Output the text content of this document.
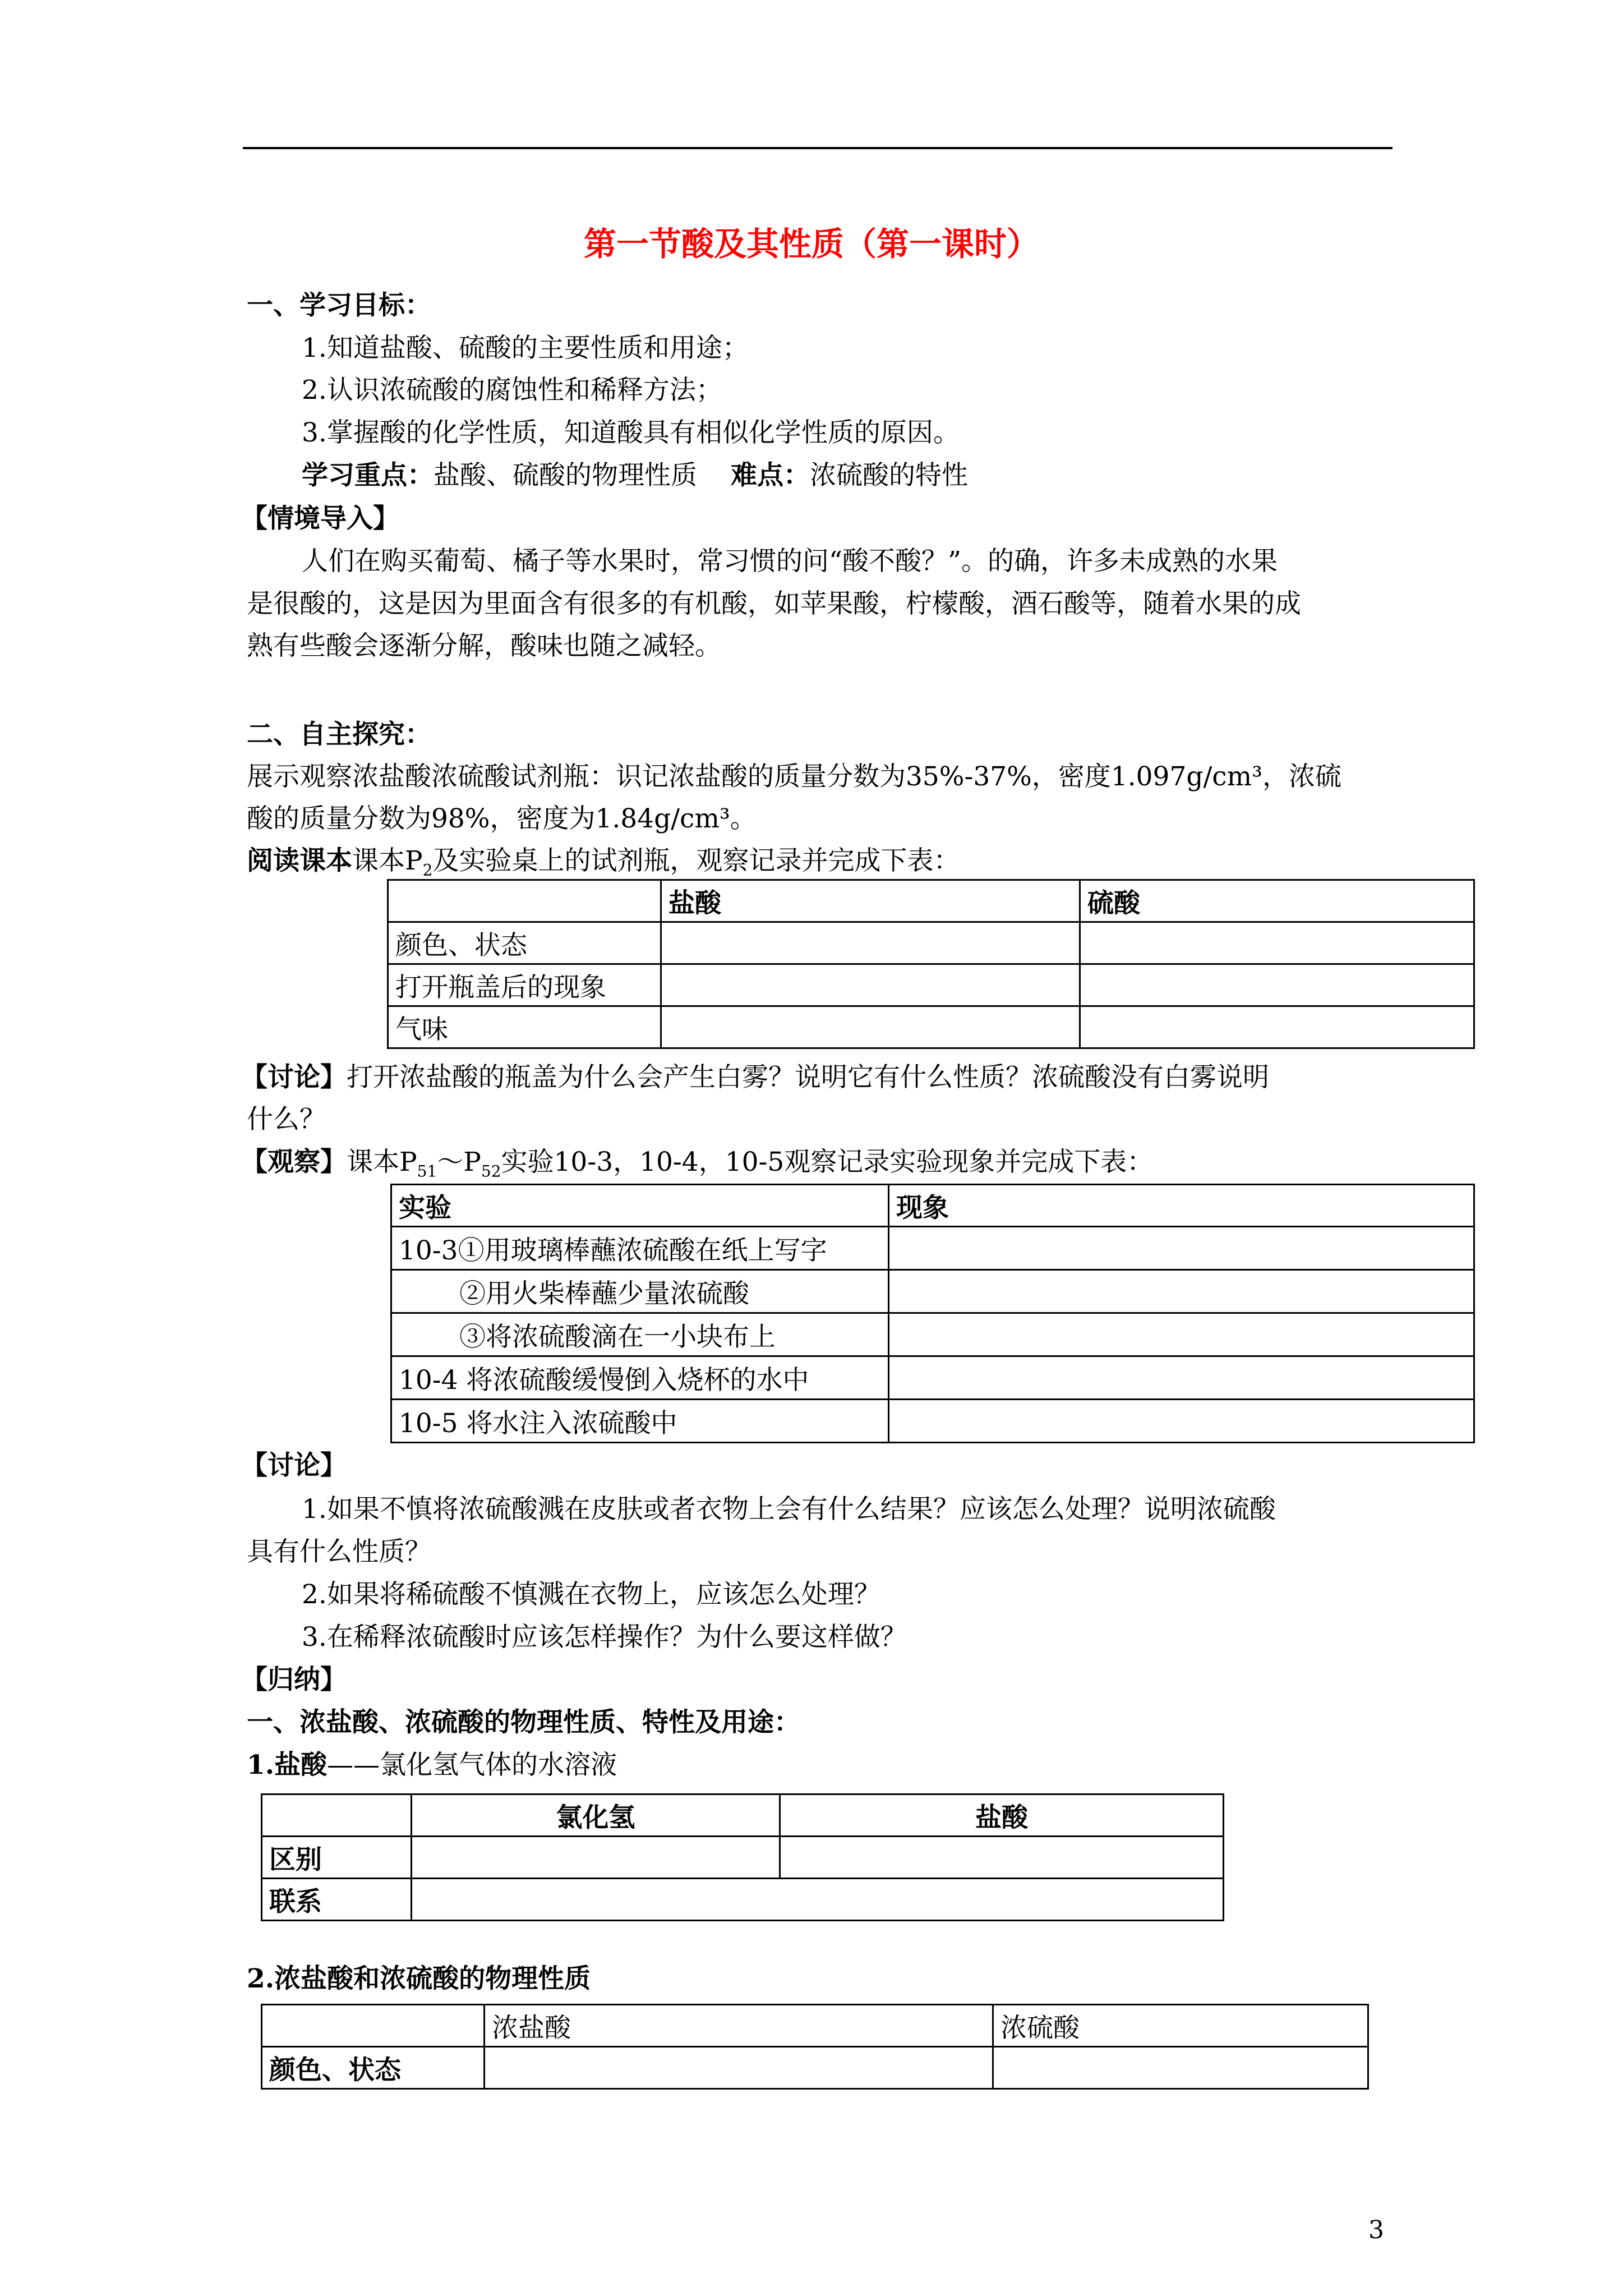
第一节酸及其性质（第一课时）
一、学习目标：
1.知道盐酸、硫酸的主要性质和用途；
2.认识浓硫酸的腐蚀性和稀释方法；
3.掌握酸的化学性质，知道酸具有相似化学性质的原因。
学习重点：盐酸、硫酸的物理性质 难点：浓硫酸的特性
【情境导入】
人们在购买葡萄、橘子等水果时，常习惯的问“酸不酸？”。的确，许多未成熟的水果
是很酸的，这是因为里面含有很多的有机酸，如苹果酸，柠檬酸，酒石酸等，随着水果的成
熟有些酸会逐渐分解，酸味也随之减轻。
二、自主探究：
展示观察浓盐酸浓硫酸试剂瓶：识记浓盐酸的质量分数为35%-37%，密度1.097g/cm³，浓硫
酸的质量分数为98%，密度为1.84g/cm³。
阅读课本课本$P_2$及实验桌上的试剂瓶，观察记录并完成下表：
	盐酸	硫酸
颜色、状态		
打开瓶盖后的现象		
气味		
【讨论】打开浓盐酸的瓶盖为什么会产生白雾？说明它有什么性质？浓硫酸没有白雾说明
什么？
【观察】课本$P_{51}\sim P_{52}$实验10-3，10-4，10-5观察记录实验现象并完成下表：
实验	现象
10-3①用玻璃棒蘸浓硫酸在纸上写字	
②用火柴棒蘸少量浓硫酸	
③将浓硫酸滴在一小块布上	
10-4 将浓硫酸缓慢倒入烧杯的水中	
10-5 将水注入浓硫酸中	
【讨论】
1.如果不慎将浓硫酸溅在皮肤或者衣物上会有什么结果？应该怎么处理？说明浓硫酸
具有什么性质？
2.如果将稀硫酸不慎溅在衣物上，应该怎么处理？
3.在稀释浓硫酸时应该怎样操作？为什么要这样做？
【归纳】
一、浓盐酸、浓硫酸的物理性质、特性及用途：
1.盐酸——氯化氢气体的水溶液
	氯化氢	盐酸
区别		
联系		
2.浓盐酸和浓硫酸的物理性质
	浓盐酸	浓硫酸
颜色、状态		
3
